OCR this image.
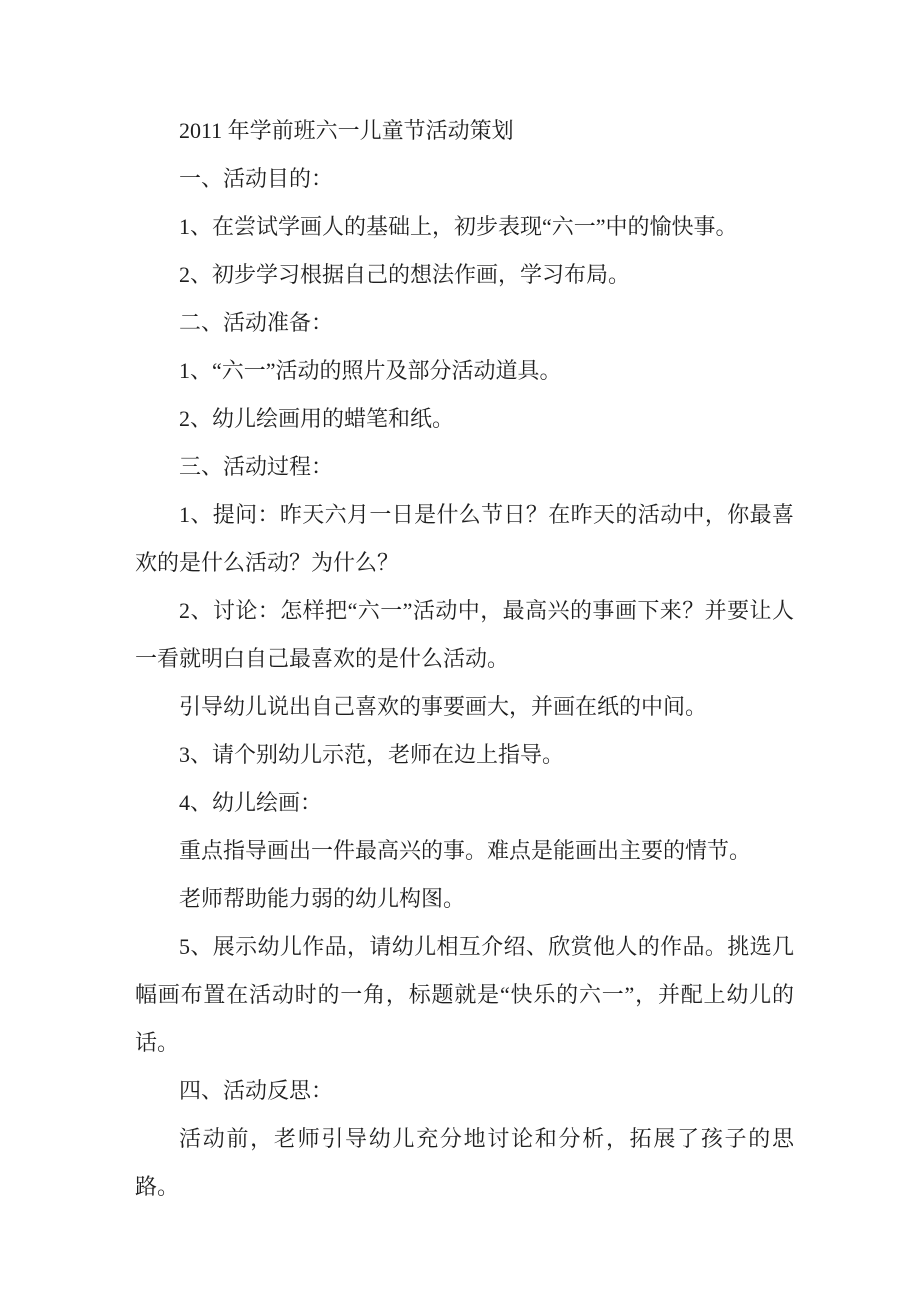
2011 年学前班六一儿童节活动策划

一、活动目的：

1、在尝试学画人的基础上，初步表现“六一”中的愉快事。

2、初步学习根据自己的想法作画，学习布局。

二、活动准备：

1、“六一”活动的照片及部分活动道具。

2、幼儿绘画用的蜡笔和纸。

三、活动过程：

1、提问：昨天六月一日是什么节日？在昨天的活动中，你最喜欢的是什么活动？为什么？

2、讨论：怎样把“六一”活动中，最高兴的事画下来？并要让人一看就明白自己最喜欢的是什么活动。

引导幼儿说出自己喜欢的事要画大，并画在纸的中间。

3、请个别幼儿示范，老师在边上指导。

4、幼儿绘画：

重点指导画出一件最高兴的事。难点是能画出主要的情节。

老师帮助能力弱的幼儿构图。

5、展示幼儿作品，请幼儿相互介绍、欣赏他人的作品。挑选几幅画布置在活动时的一角，标题就是“快乐的六一”，并配上幼儿的话。

四、活动反思：

活动前，老师引导幼儿充分地讨论和分析，拓展了孩子的思路。
